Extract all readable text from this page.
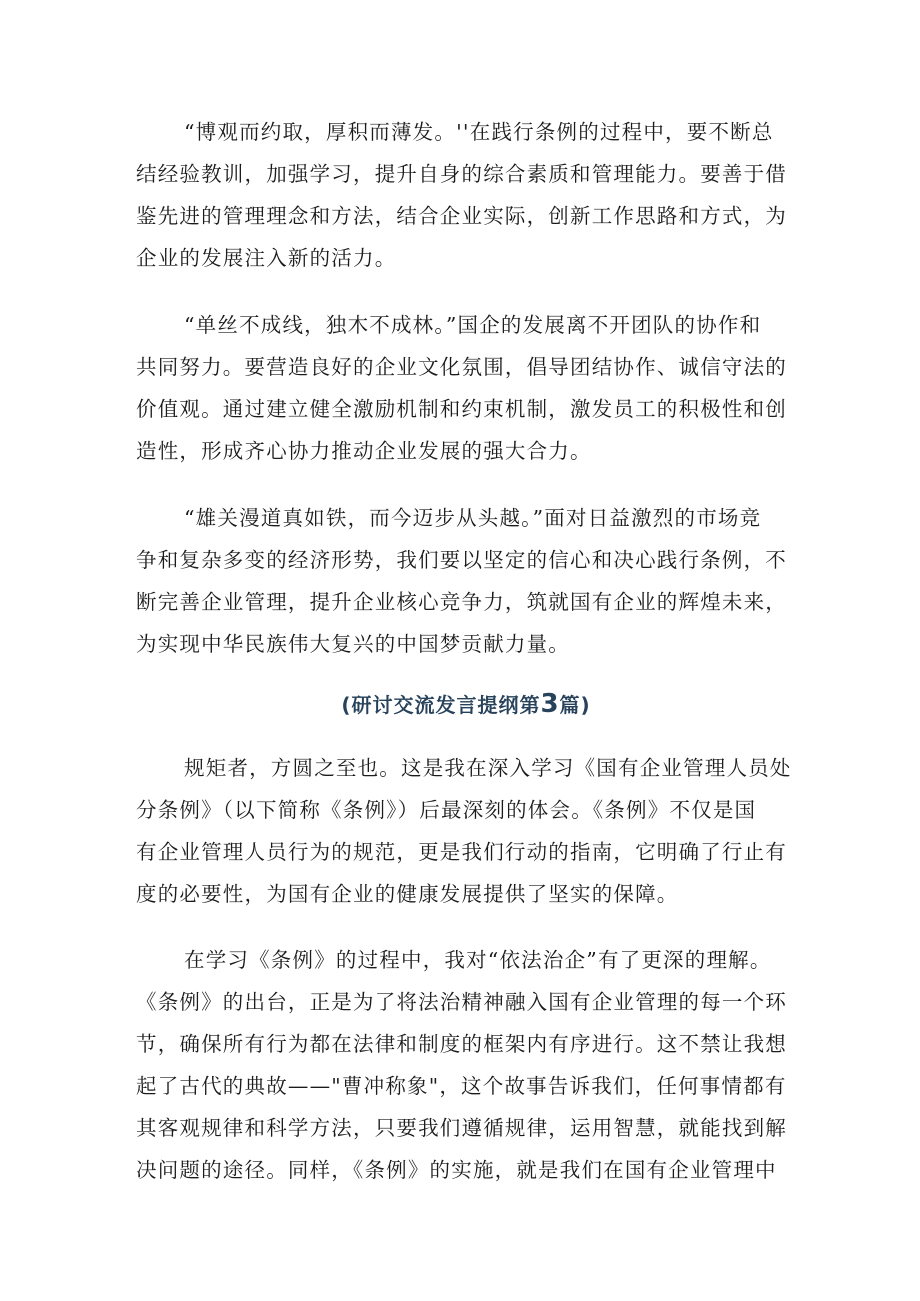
“博观而约取，厚积而薄发。''在践行条例的过程中，要不断总
结经验教训，加强学习，提升自身的综合素质和管理能力。要善于借
鉴先进的管理理念和方法，结合企业实际，创新工作思路和方式，为
企业的发展注入新的活力。
“单丝不成线，独木不成林。”国企的发展离不开团队的协作和
共同努力。要营造良好的企业文化氛围，倡导团结协作、诚信守法的
价值观。通过建立健全激励机制和约束机制，激发员工的积极性和创
造性，形成齐心协力推动企业发展的强大合力。
“雄关漫道真如铁，而今迈步从头越。”面对日益激烈的市场竞
争和复杂多变的经济形势，我们要以坚定的信心和决心践行条例，不
断完善企业管理，提升企业核心竞争力，筑就国有企业的辉煌未来，
为实现中华民族伟大复兴的中国梦贡献力量。
(研讨交流发言提纲第3篇)
规矩者，方圆之至也。这是我在深入学习《国有企业管理人员处
分条例》（以下简称《条例》）后最深刻的体会。《条例》不仅是国
有企业管理人员行为的规范，更是我们行动的指南，它明确了行止有
度的必要性，为国有企业的健康发展提供了坚实的保障。
在学习《条例》的过程中，我对“依法治企”有了更深的理解。
《条例》的出台，正是为了将法治精神融入国有企业管理的每一个环
节，确保所有行为都在法律和制度的框架内有序进行。这不禁让我想
起了古代的典故——"曹冲称象"，这个故事告诉我们，任何事情都有
其客观规律和科学方法，只要我们遵循规律，运用智慧，就能找到解
决问题的途径。同样，《条例》的实施，就是我们在国有企业管理中
